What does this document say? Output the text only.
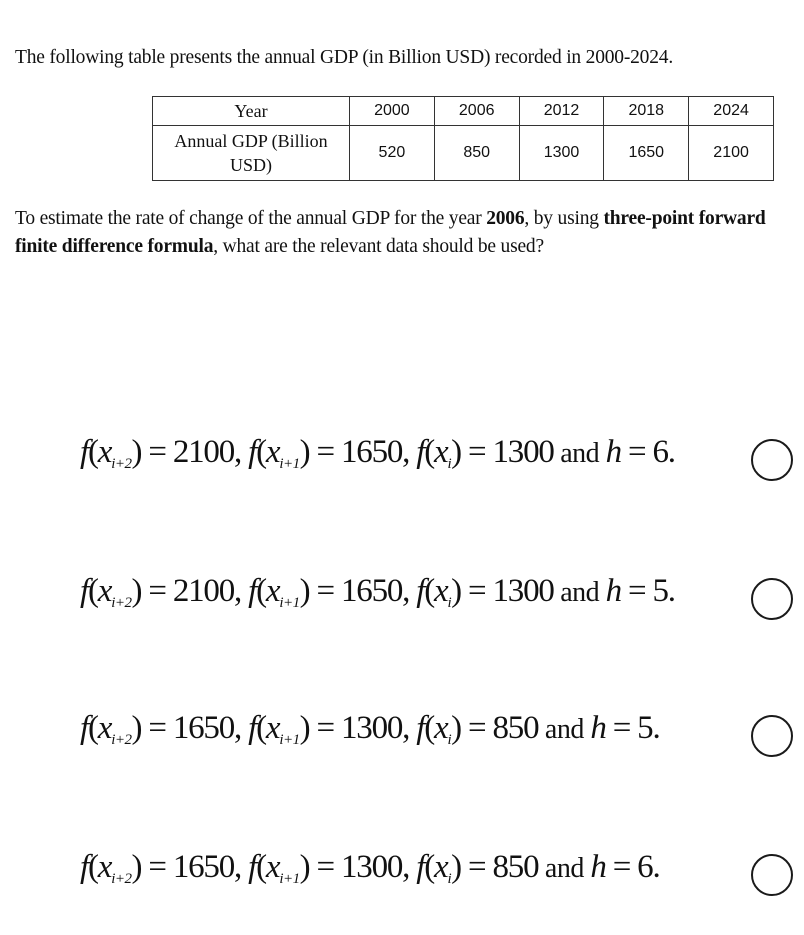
The following table presents the annual GDP (in Billion USD) recorded in 2000-2024.
Year	2000	2006	2012	2018	2024
Annual GDP (Billion
USD)	520	850	1300	1650	2100
To estimate the rate of change of the annual GDP for the year 2006, by using three-point forward finite difference formula, what are the relevant data should be used?
$f(x_{i+2}) = 2100$, $f(x_{i+1}) = 1650$, $f(x_i) = 1300$ and h = 6.
$f(x_{i+2}) = 2100$, $f(x_{i+1}) = 1650$, $f(x_i) = 1300$ and h = 5.
$f(x_{i+2}) = 1650$, $f(x_{i+1}) = 1300$, $f(x_i) = 850$ and h = 5.
$f(x_{i+2}) = 1650$, $f(x_{i+1}) = 1300$, $f(x_i) = 850$ and h = 6.
